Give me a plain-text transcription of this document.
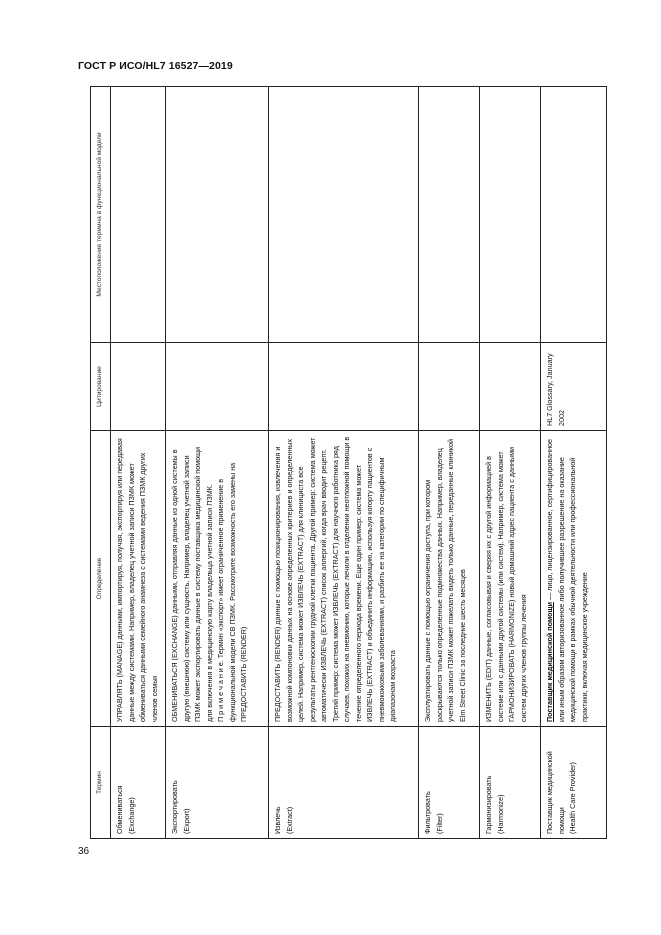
ГОСТ Р ИСО/HL7 16527—2019
Термин	Определение	Цитирование	Местоположение термина в функциональной модели

Обмениваться (Exchange)	УПРАВЛЯТЬ (MANAGE) данными, импортируя, получая, экспортируя или передавая данные между системами. Например, владелец учетной записи ПЗМК может обмениваться данными семейного анамнеза с системами ведения ПЗМК других членов семьи		

Экспортировать (Export)	ОБМЕНИВАТЬСЯ (EXCHANGE) данными, отправляя данные из одной системы в другую (внешнюю) систему или сущность. Например, владелец учетной записи ПЗМК может экспортировать данные в систему поставщика медицинской помощи для включения в медицинскую карту владельца учетной записи ПЗМК. П р и м е ч а н и е. Термин «экспорт» имеет ограниченное применение в функциональной модели СВ ПЗМК. Рассмотрите возможность его замены на ПРЕДОСТАВИТЬ (RENDER)		

Извлечь (Extract)	ПРЕДОСТАВИТЬ (RENDER) данные с помощью позиционирования, извлечения и возможной компоновки данных на основе определенных критериев и определенных целей. Например, система может ИЗВЛЕЧЬ (EXTRACT) для клинициста все результаты рентгеноскопии грудной клетки пациента. Другой пример: система может автоматически ИЗВЛЕЧЬ (EXTRACT) список аллергий, когда врач вводит рецепт. Третий пример: система может ИЗВЛЕЧЬ (EXTRACT) для научного работника ряд случаев, похожих на пневмонию, которые лечили в отделении неотложной помощи в течение определенного периода времени. Еще один пример: система может ИЗВЛЕЧЬ (EXTRACT) и объединить информацию, используя когорту пациентов с пневмококковыми заболеваниями, и разбить ее на категории по специфичным диапазонам возраста		

Фильтровать (Filter)	Эксплуатировать данные с помощью ограничения доступа, при котором раскрываются только определенные подмножества данных. Например, владелец учетной записи ПЗМК может пожелать видеть только данные, переданные клиникой Elm Street Clinic за последние шесть месяцев		

Гармонизировать (Harmonize)	ИЗМЕНИТЬ (EDIT) данные, согласовывая и сверяя их с другой информацией в системе или с данными другой системы (или систем). Например, система может ГАРМОНИЗИРОВАТЬ (HARMONIZE) новый домашний адрес пациента с данными систем других членов группы лечения		

Поставщик медицинской помощи (Health Care Provider)	Поставщик медицинской помощи — лицо, лицензированное, сертифицированное или иным образом авторизованное либо получившее разрешение на оказание медицинской помощи в рамках обычной деятельности или профессиональной практики, включая медицинское учреждение	HL7 Glossary, January 2002	
36
